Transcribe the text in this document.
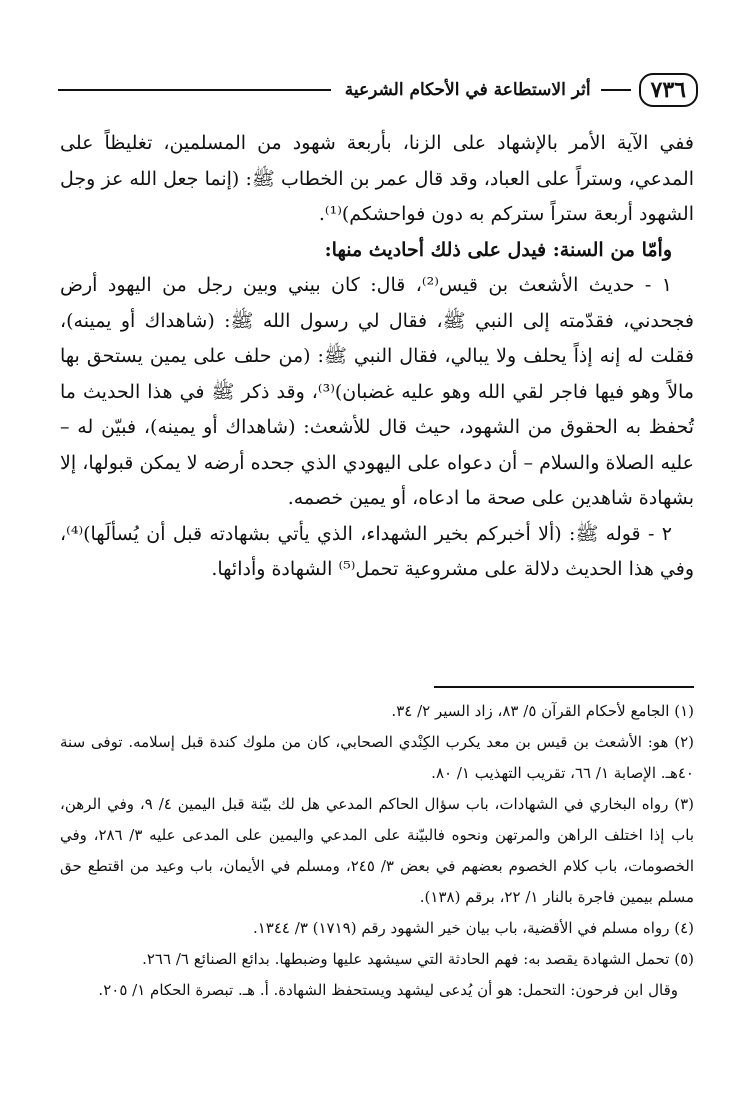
٧٣٦
أثر الاستطاعة في الأحكام الشرعية

ففي الآية الأمر بالإشهاد على الزنا، بأربعة شهود من المسلمين، تغليظاً على المدعي، وستراً على العباد، وقد قال عمر بن الخطاب ﷺ: (إنما جعل الله عز وجل الشهود أربعة ستراً ستركم به دون فواحشكم)⁽¹⁾.

وأمّا من السنة: فيدل على ذلك أحاديث منها:

١ - حديث الأشعث بن قيس⁽²⁾، قال: كان بيني وبين رجل من اليهود أرض فجحدني، فقدّمته إلى النبي ﷺ، فقال لي رسول الله ﷺ: (شاهداك أو يمينه)، فقلت له إنه إذاً يحلف ولا يبالي، فقال النبي ﷺ: (من حلف على يمين يستحق بها مالاً وهو فيها فاجر لقي الله وهو عليه غضبان)⁽³⁾، وقد ذكر ﷺ في هذا الحديث ما تُحفظ به الحقوق من الشهود، حيث قال للأشعث: (شاهداك أو يمينه)، فبيّن له – عليه الصلاة والسلام – أن دعواه على اليهودي الذي جحده أرضه لا يمكن قبولها، إلا بشهادة شاهدين على صحة ما ادعاه، أو يمين خصمه.

٢ - قوله ﷺ: (ألا أخبركم بخير الشهداء، الذي يأتي بشهادته قبل أن يُسألَها)⁽⁴⁾، وفي هذا الحديث دلالة على مشروعية تحمل⁽⁵⁾ الشهادة وأدائها.

(١) الجامع لأحكام القرآن ٥/ ٨٣، زاد السير ٢/ ٣٤.

(٢) هو: الأشعث بن قيس بن معد يكرب الكِنْدي الصحابي، كان من ملوك كندة قبل إسلامه. توفى سنة ٤٠هـ. الإصابة ١/ ٦٦، تقريب التهذيب ١/ ٨٠.

(٣) رواه البخاري في الشهادات، باب سؤال الحاكم المدعي هل لك بيّنة قبل اليمين ٤/ ٩، وفي الرهن، باب إذا اختلف الراهن والمرتهن ونحوه فالبيّنة على المدعي واليمين على المدعى عليه ٣/ ٢٨٦، وفي الخصومات، باب كلام الخصوم بعضهم في بعض ٣/ ٢٤٥، ومسلم في الأيمان، باب وعيد من اقتطع حق مسلم بيمين فاجرة بالنار ١/ ٢٢، برقم (١٣٨).

(٤) رواه مسلم في الأقضية، باب بيان خير الشهود رقم (١٧١٩) ٣/ ١٣٤٤.

(٥) تحمل الشهادة يقصد به: فهم الحادثة التي سيشهد عليها وضبطها. بدائع الصنائع ٦/ ٢٦٦.

وقال ابن فرحون: التحمل: هو أن يُدعى ليشهد ويستحفظ الشهادة. أ. هـ. تبصرة الحكام ١/ ٢٠٥.
